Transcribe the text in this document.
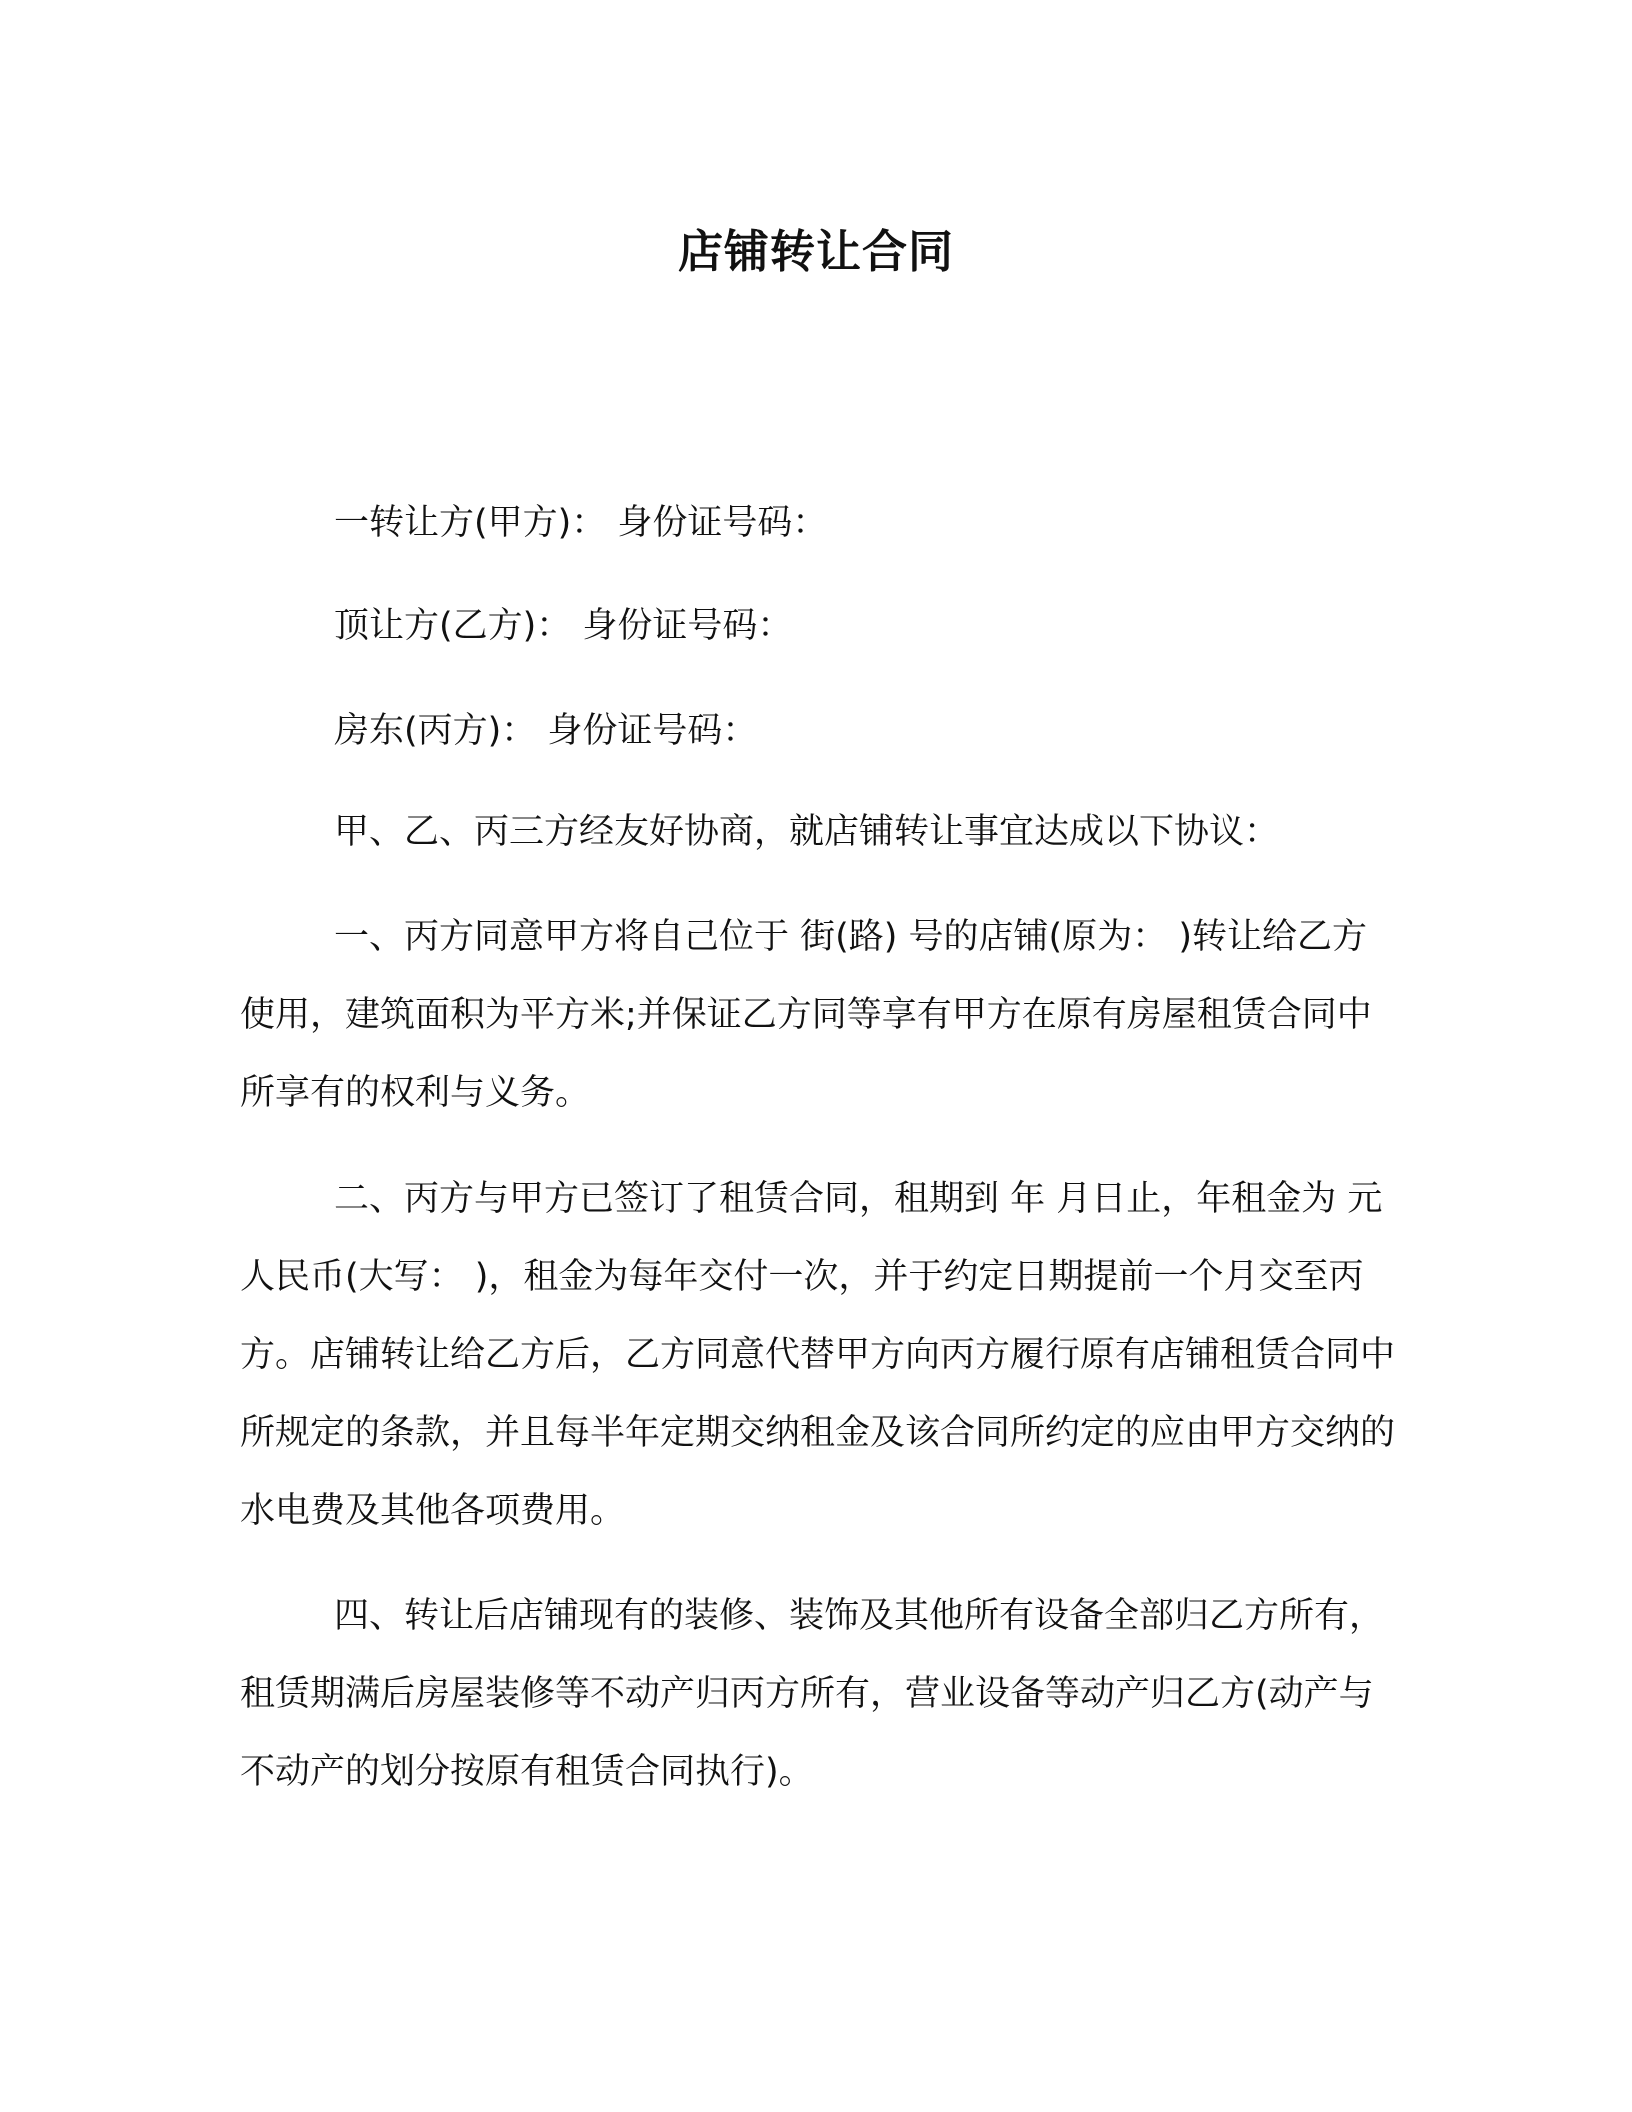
店铺转让合同
一转让方(甲方)： 身份证号码：
顶让方(乙方)： 身份证号码：
房东(丙方)： 身份证号码：
甲、乙、丙三方经友好协商，就店铺转让事宜达成以下协议：

一、丙方同意甲方将自己位于 街(路) 号的店铺(原为： )转让给乙方使用，建筑面积为平方米;并保证乙方同等享有甲方在原有房屋租赁合同中所享有的权利与义务。

二、丙方与甲方已签订了租赁合同，租期到 年 月日止，年租金为 元人民币(大写： )，租金为每年交付一次，并于约定日期提前一个月交至丙方。店铺转让给乙方后，乙方同意代替甲方向丙方履行原有店铺租赁合同中所规定的条款，并且每半年定期交纳租金及该合同所约定的应由甲方交纳的水电费及其他各项费用。

四、转让后店铺现有的装修、装饰及其他所有设备全部归乙方所有，租赁期满后房屋装修等不动产归丙方所有，营业设备等动产归乙方(动产与不动产的划分按原有租赁合同执行)。
